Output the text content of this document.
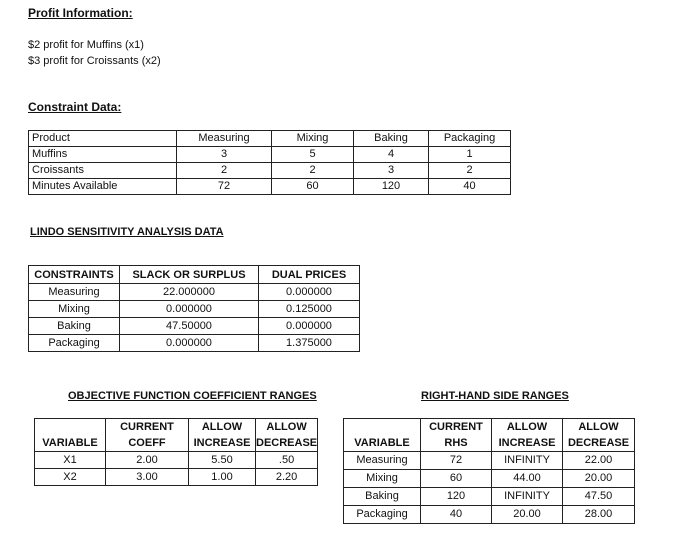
Profit Information:
$2 profit for Muffins (x1)
$3 profit for Croissants (x2)
Constraint Data:
Product	Measuring	Mixing	Baking	Packaging
Muffins	3	5	4	1
Croissants	2	2	3	2
Minutes Available	72	60	120	40
LINDO SENSITIVITY ANALYSIS DATA
CONSTRAINTS	SLACK OR SURPLUS	DUAL PRICES
Measuring	22.000000	0.000000
Mixing	0.000000	0.125000
Baking	47.50000	0.000000
Packaging	0.000000	1.375000
OBJECTIVE FUNCTION COEFFICIENT RANGES
	CURRENT	ALLOW	ALLOW
VARIABLE	COEFF	INCREASE	DECREASE
X1	2.00	5.50	.50
X2	3.00	1.00	2.20
RIGHT-HAND SIDE RANGES
	CURRENT	ALLOW	ALLOW
VARIABLE	RHS	INCREASE	DECREASE
Measuring	72	INFINITY	22.00
Mixing	60	44.00	20.00
Baking	120	INFINITY	47.50
Packaging	40	20.00	28.00
